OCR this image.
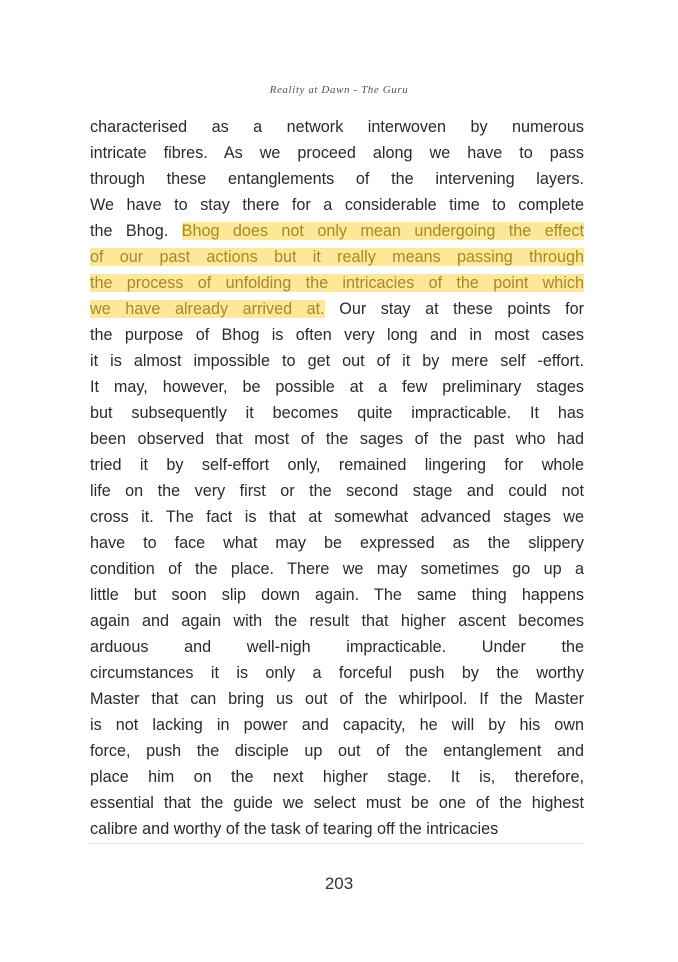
Reality at Dawn - The Guru
characterised as a network interwoven by numerous
intricate fibres. As we proceed along we have to pass
through these entanglements of the intervening layers.
We have to stay there for a considerable time to complete
the Bhog. Bhog does not only mean undergoing the effect
of our past actions but it really means passing through
the process of unfolding the intricacies of the point which
we have already arrived at. Our stay at these points for
the purpose of Bhog is often very long and in most cases
it is almost impossible to get out of it by mere self -effort.
It may, however, be possible at a few preliminary stages
but subsequently it becomes quite impracticable. It has
been observed that most of the sages of the past who had
tried it by self-effort only, remained lingering for whole
life on the very first or the second stage and could not
cross it. The fact is that at somewhat advanced stages we
have to face what may be expressed as the slippery
condition of the place. There we may sometimes go up a
little but soon slip down again. The same thing happens
again and again with the result that higher ascent becomes
arduous and well-nigh impracticable. Under the
circumstances it is only a forceful push by the worthy
Master that can bring us out of the whirlpool. If the Master
is not lacking in power and capacity, he will by his own
force, push the disciple up out of the entanglement and
place him on the next higher stage. It is, therefore,
essential that the guide we select must be one of the highest
calibre and worthy of the task of tearing off the intricacies
203
